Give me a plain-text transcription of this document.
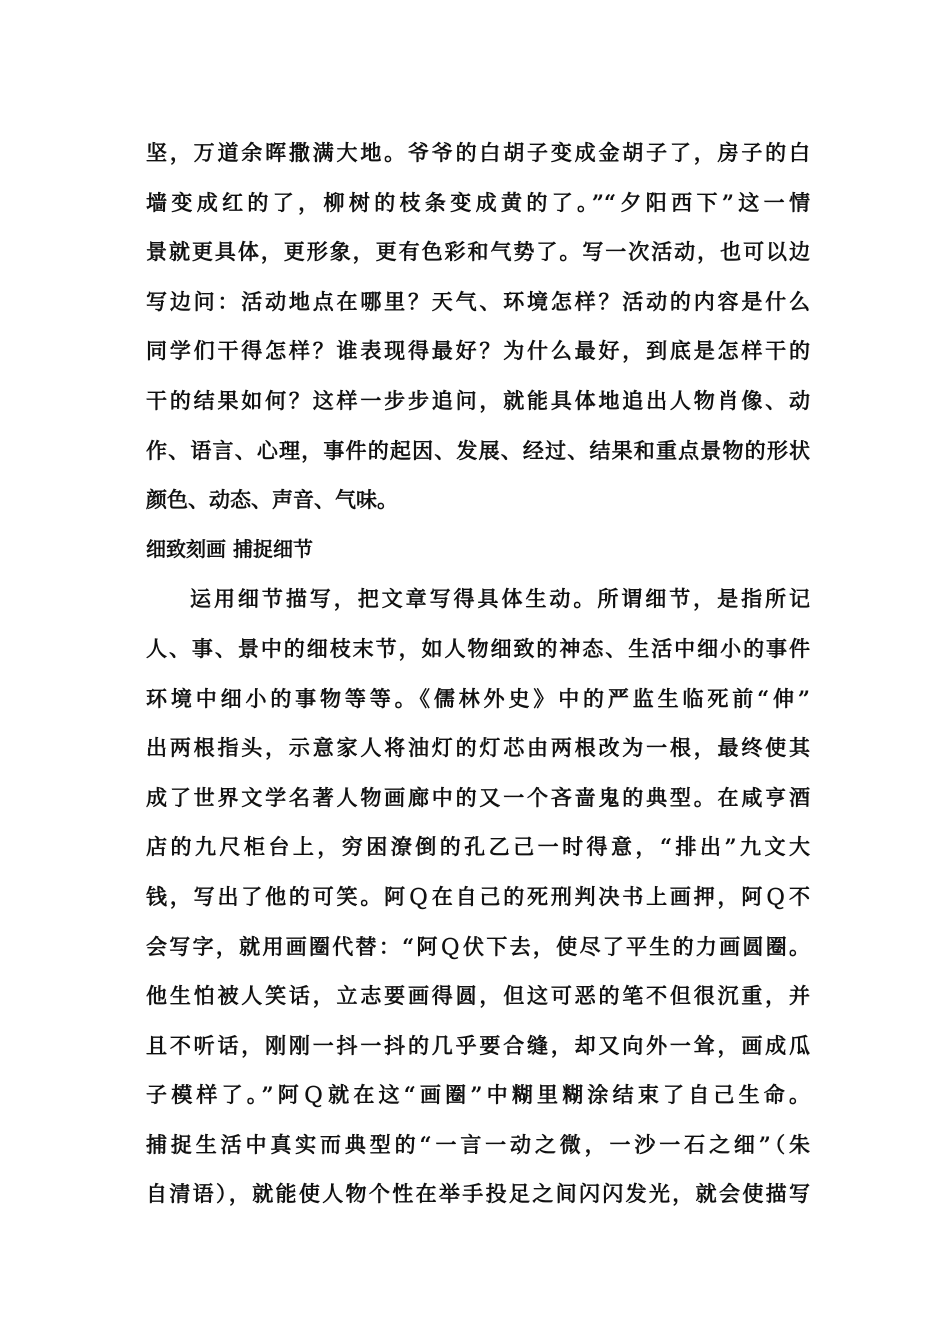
坚，万道余晖撒满大地。爷爷的白胡子变成金胡子了，房子的白
墙变成红的了，柳树的枝条变成黄的了。”“夕阳西下”这一情
景就更具体，更形象，更有色彩和气势了。写一次活动，也可以边
写边问：活动地点在哪里？天气、环境怎样？活动的内容是什么
同学们干得怎样？谁表现得最好？为什么最好，到底是怎样干的
干的结果如何？这样一步步追问，就能具体地追出人物肖像、动
作、语言、心理，事件的起因、发展、经过、结果和重点景物的形状
颜色、动态、声音、气味。
细致刻画 捕捉细节
运用细节描写，把文章写得具体生动。所谓细节，是指所记
人、事、景中的细枝末节，如人物细致的神态、生活中细小的事件
环境中细小的事物等等。《儒林外史》中的严监生临死前“伸”
出两根指头，示意家人将油灯的灯芯由两根改为一根，最终使其
成了世界文学名著人物画廊中的又一个吝啬鬼的典型。在咸亨酒
店的九尺柜台上，穷困潦倒的孔乙己一时得意，“排出”九文大
钱，写出了他的可笑。阿Ｑ在自己的死刑判决书上画押，阿Ｑ不
会写字，就用画圈代替：“阿Ｑ伏下去，使尽了平生的力画圆圈。
他生怕被人笑话，立志要画得圆，但这可恶的笔不但很沉重，并
且不听话，刚刚一抖一抖的几乎要合缝，却又向外一耸，画成瓜
子模样了。”阿Ｑ就在这“画圈”中糊里糊涂结束了自己生命。
捕捉生活中真实而典型的“一言一动之微，一沙一石之细”（朱
自清语），就能使人物个性在举手投足之间闪闪发光，就会使描写
